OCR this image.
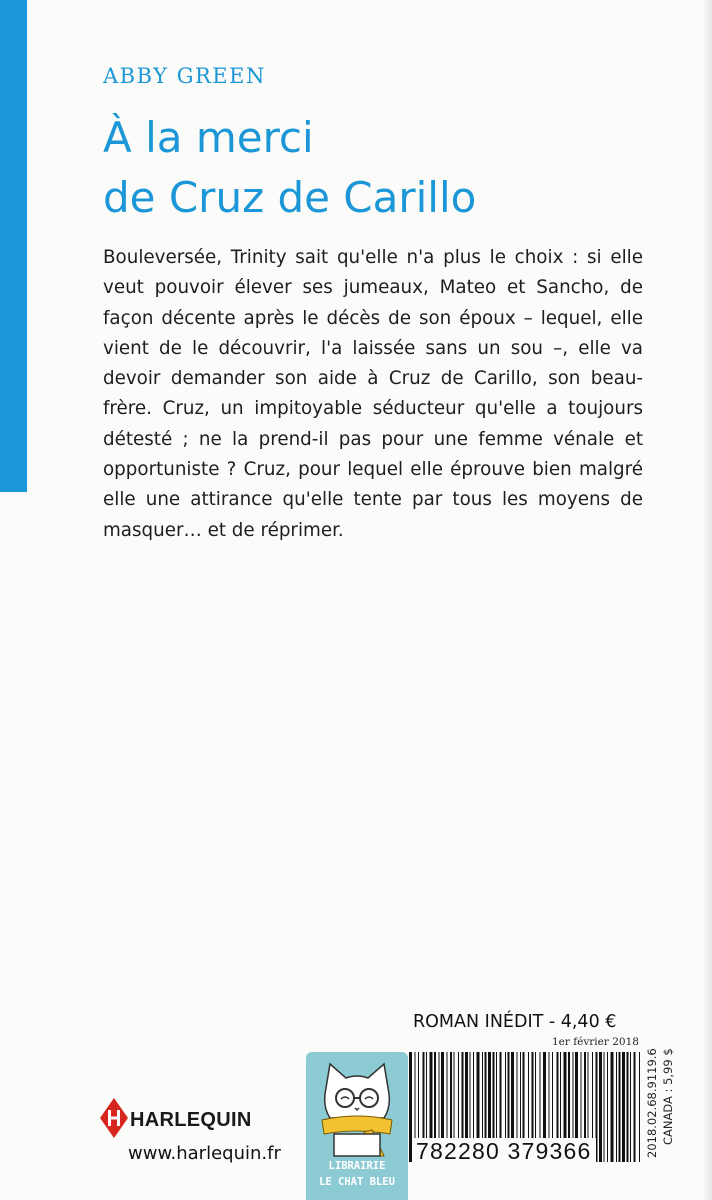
ABBY GREEN
À la merci
de Cruz de Carillo

Bouleversée, Trinity sait qu'elle n'a plus le choix : si elle veut pouvoir élever ses jumeaux, Mateo et Sancho, de façon décente après le décès de son époux – lequel, elle vient de le découvrir, l'a laissée sans un sou –, elle va devoir demander son aide à Cruz de Carillo, son beau-frère. Cruz, un impitoyable séducteur qu'elle a toujours détesté ; ne la prend-il pas pour une femme vénale et opportuniste ? Cruz, pour lequel elle éprouve bien malgré elle une attirance qu'elle tente par tous les moyens de masquer… et de réprimer.

ROMAN INÉDIT - 4,40 €
1er février 2018
2018.02.68.9119.6 CANADA : 5,99 $
782280 379366
HARLEQUIN
www.harlequin.fr
LIBRAIRIE
LE CHAT BLEU
